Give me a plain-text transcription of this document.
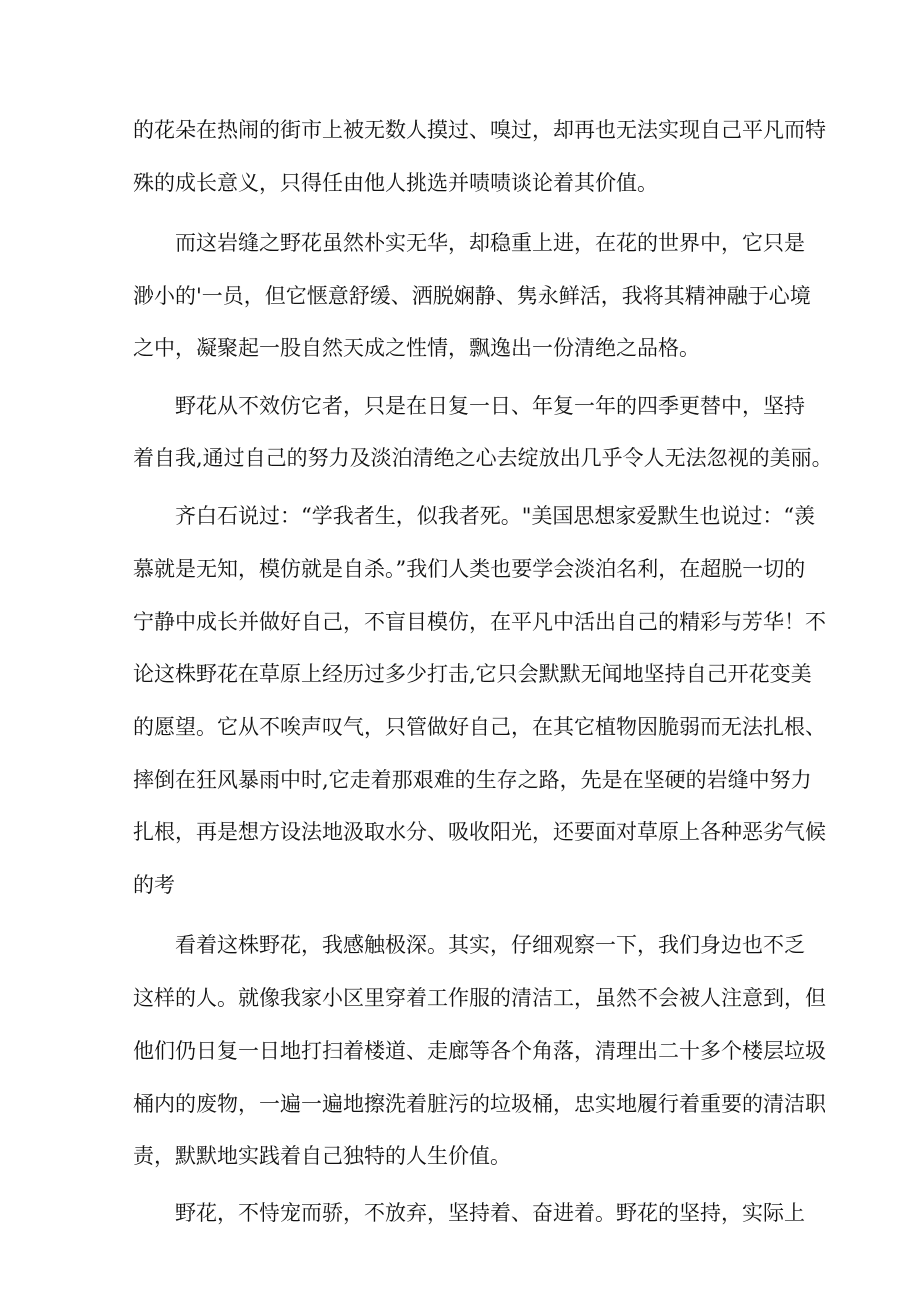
的花朵在热闹的街市上被无数人摸过、嗅过，却再也无法实现自己平凡而特
殊的成长意义，只得任由他人挑选并啧啧谈论着其价值。
而这岩缝之野花虽然朴实无华，却稳重上进，在花的世界中，它只是
渺小的'一员，但它惬意舒缓、洒脱娴静、隽永鲜活，我将其精神融于心境
之中，凝聚起一股自然天成之性情，飘逸出一份清绝之品格。
野花从不效仿它者，只是在日复一日、年复一年的四季更替中，坚持
着自我,通过自己的努力及淡泊清绝之心去绽放出几乎令人无法忽视的美丽。
齐白石说过：“学我者生，似我者死。"美国思想家爱默生也说过：“羡
慕就是无知，模仿就是自杀。”我们人类也要学会淡泊名利，在超脱一切的
宁静中成长并做好自己，不盲目模仿，在平凡中活出自己的精彩与芳华！不
论这株野花在草原上经历过多少打击,它只会默默无闻地坚持自己开花变美
的愿望。它从不唉声叹气，只管做好自己，在其它植物因脆弱而无法扎根、
摔倒在狂风暴雨中时,它走着那艰难的生存之路，先是在坚硬的岩缝中努力
扎根，再是想方设法地汲取水分、吸收阳光，还要面对草原上各种恶劣气候
的考
看着这株野花，我感触极深。其实，仔细观察一下，我们身边也不乏
这样的人。就像我家小区里穿着工作服的清洁工，虽然不会被人注意到，但
他们仍日复一日地打扫着楼道、走廊等各个角落，清理出二十多个楼层垃圾
桶内的废物，一遍一遍地擦洗着脏污的垃圾桶，忠实地履行着重要的清洁职
责，默默地实践着自己独特的人生价值。
野花，不恃宠而骄，不放弃，坚持着、奋进着。野花的坚持，实际上
